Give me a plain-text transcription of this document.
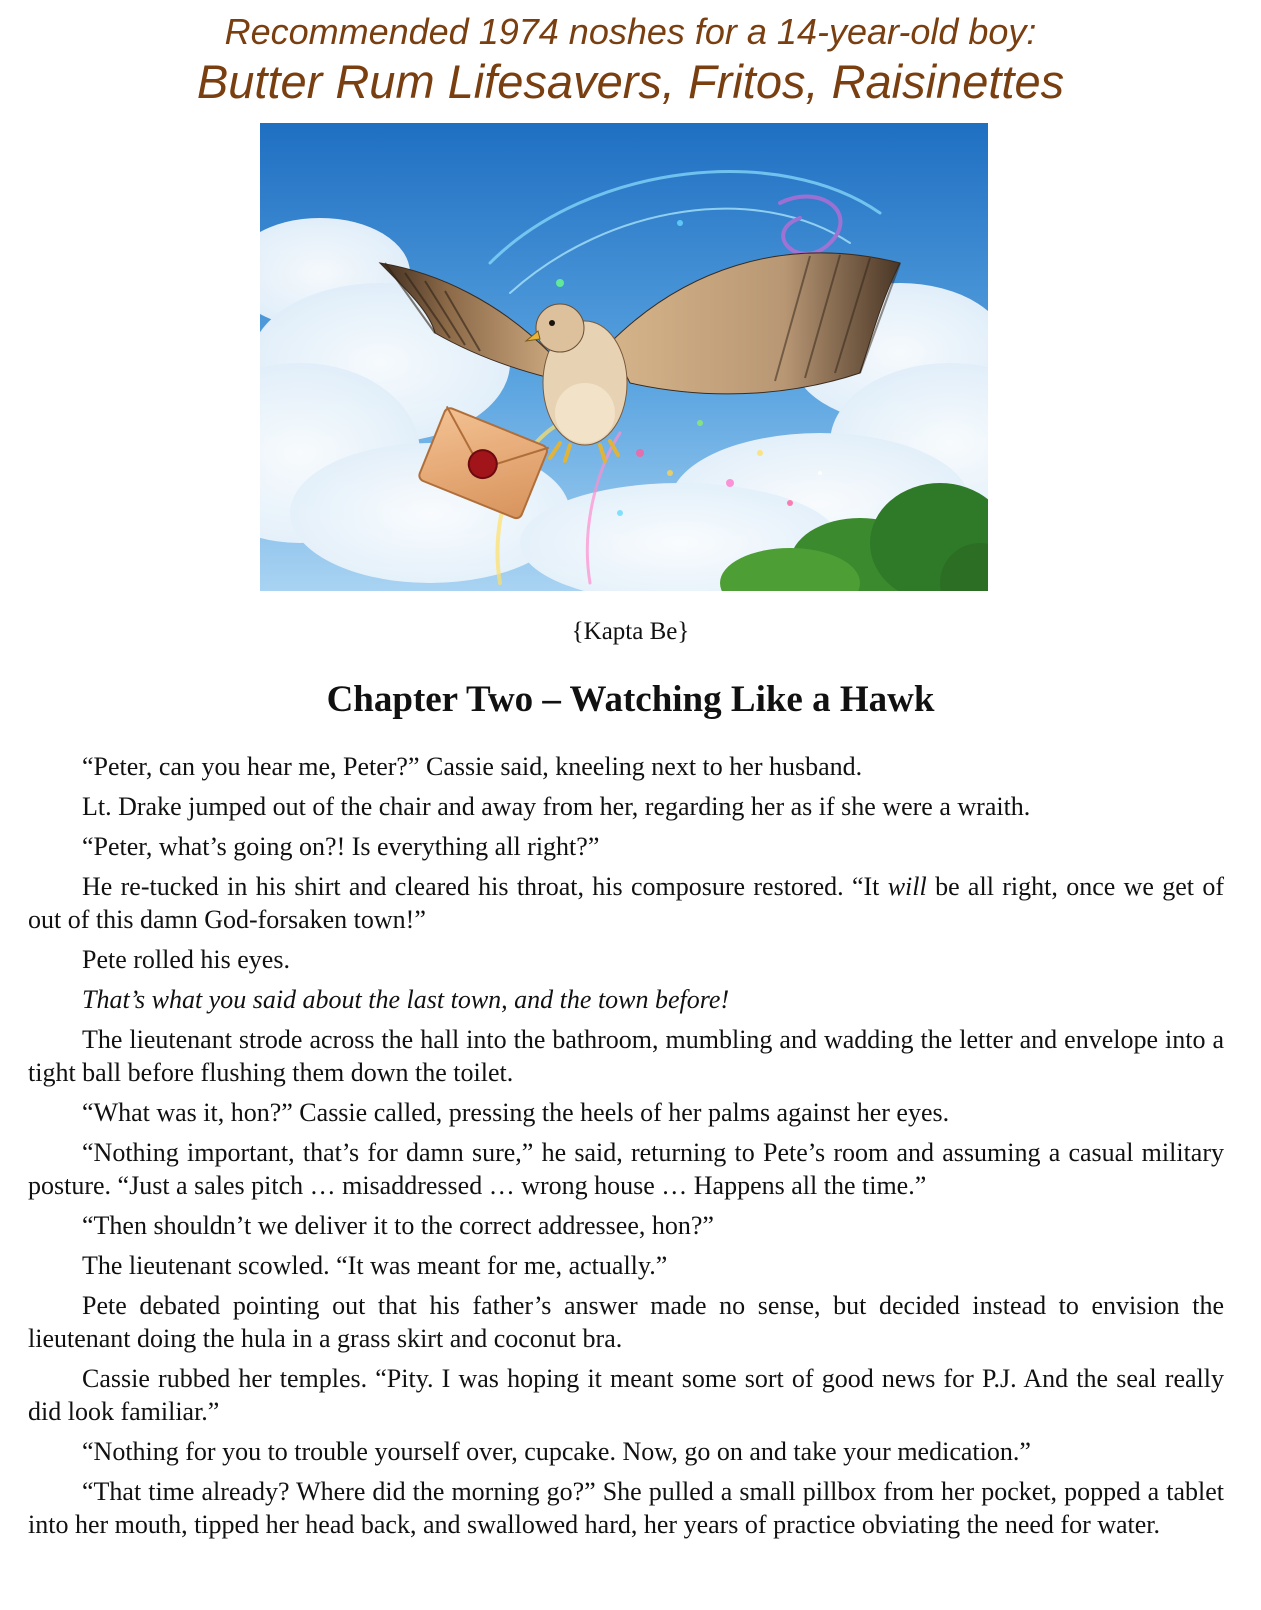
Recommended 1974 noshes for a 14-year-old boy:
Butter Rum Lifesavers, Fritos, Raisinettes
{Kapta Be}
Chapter Two – Watching Like a Hawk

“Peter, can you hear me, Peter?” Cassie said, kneeling next to her husband.

Lt. Drake jumped out of the chair and away from her, regarding her as if she were a wraith.

“Peter, what’s going on?! Is everything all right?”

He re-tucked in his shirt and cleared his throat, his composure restored. “It will be all right, once we get of out of this damn God-forsaken town!”

Pete rolled his eyes.

That’s what you said about the last town, and the town before!

The lieutenant strode across the hall into the bathroom, mumbling and wadding the letter and envelope into a tight ball before flushing them down the toilet.

“What was it, hon?” Cassie called, pressing the heels of her palms against her eyes.

“Nothing important, that’s for damn sure,” he said, returning to Pete’s room and assuming a casual military posture. “Just a sales pitch … misaddressed … wrong house … Happens all the time.”

“Then shouldn’t we deliver it to the correct addressee, hon?”

The lieutenant scowled. “It was meant for me, actually.”

Pete debated pointing out that his father’s answer made no sense, but decided instead to envision the lieutenant doing the hula in a grass skirt and coconut bra.

Cassie rubbed her temples. “Pity. I was hoping it meant some sort of good news for P.J. And the seal really did look familiar.”

“Nothing for you to trouble yourself over, cupcake. Now, go on and take your medication.”

“That time already? Where did the morning go?” She pulled a small pillbox from her pocket, popped a tablet into her mouth, tipped her head back, and swallowed hard, her years of practice obviating the need for water.
